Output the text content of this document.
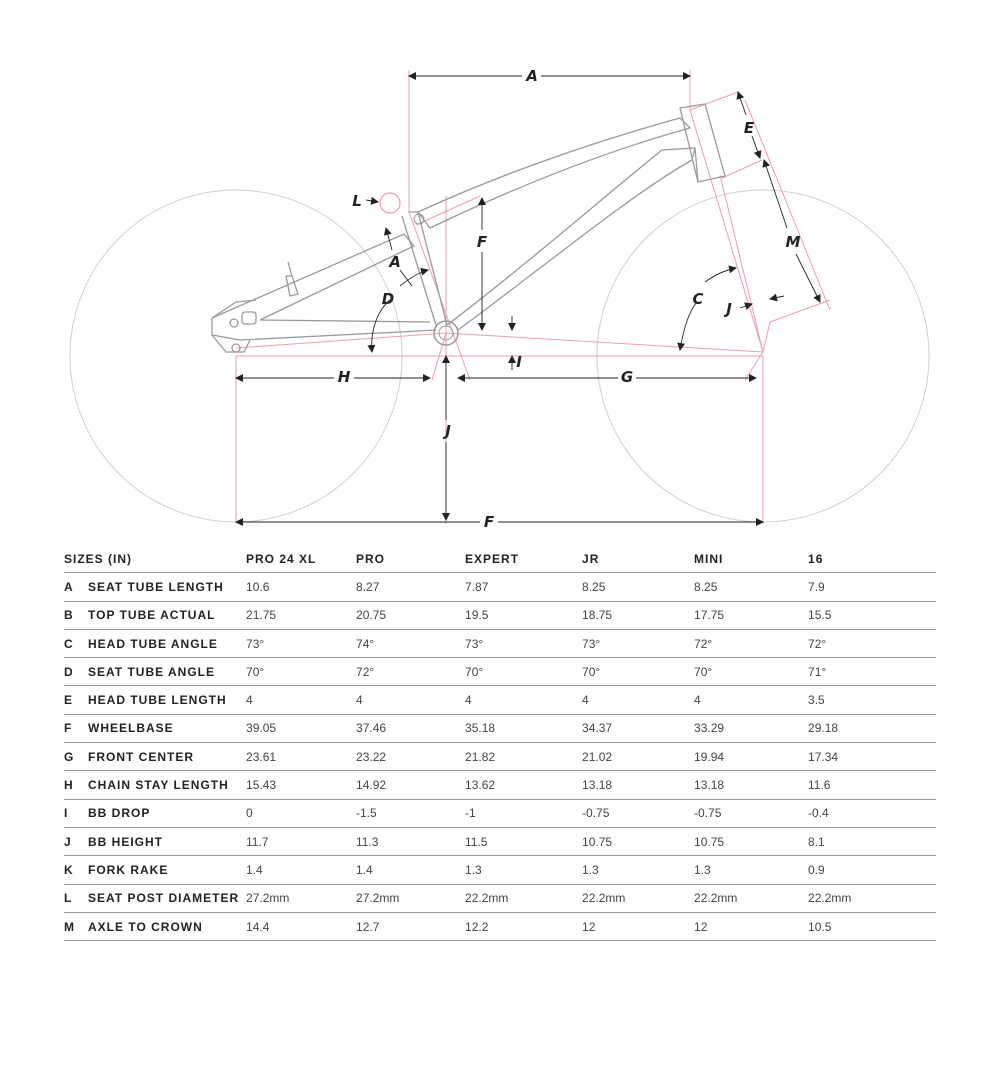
A
E
L
F	M
A
D	C
J
H
I
G
J
F
SIZES (IN)		PRO 24 XL	PRO	EXPERT	JR	MINI	16
A	SEAT TUBE LENGTH	10.6	8.27	7.87	8.25	8.25	7.9
B	TOP TUBE ACTUAL	21.75	20.75	19.5	18.75	17.75	15.5
C	HEAD TUBE ANGLE	73°	74°	73°	73°	72°	72°
D	SEAT TUBE ANGLE	70°	72°	70°	70°	70°	71°
E	HEAD TUBE LENGTH	4	4	4	4	4	3.5
F	WHEELBASE	39.05	37.46	35.18	34.37	33.29	29.18
G	FRONT CENTER	23.61	23.22	21.82	21.02	19.94	17.34
H	CHAIN STAY LENGTH	15.43	14.92	13.62	13.18	13.18	11.6
I	BB DROP	0	-1.5	-1	-0.75	-0.75	-0.4
J	BB HEIGHT	11.7	11.3	11.5	10.75	10.75	8.1
K	FORK RAKE	1.4	1.4	1.3	1.3	1.3	0.9
L	SEAT POST DIAMETER	27.2mm	27.2mm	22.2mm	22.2mm	22.2mm	22.2mm
M	AXLE TO CROWN	14.4	12.7	12.2	12	12	10.5
